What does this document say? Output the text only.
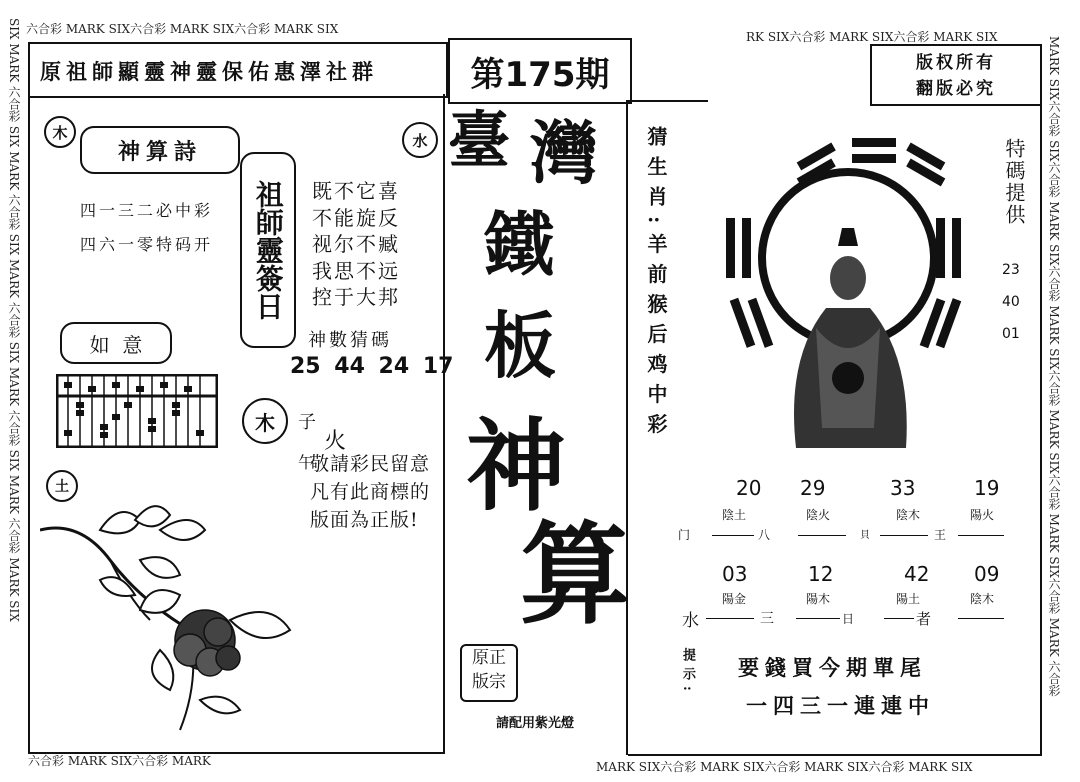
六合彩 MARK SIX六合彩 MARK SIX六合彩 MARK SIX
RK SIX六合彩 MARK SIX六合彩 MARK SIX
六合彩 MARK SIX六合彩 MARK	MARK SIX六合彩 MARK SIX六合彩 MARK SIX六合彩 MARK SIX
SIX MARK 六合彩 SIX MARK 六合彩 SIX MARK 六合彩 SIX MARK 六合彩 SIX MARK 六合彩 MARK SIX	MARK SIX六合彩 SIX六合彩 MARK SIX六合彩 MARK SIX六合彩 MARK SIX六合彩 MARK SIX六合彩 MARK 六合彩
原祖師顯靈神靈保佑惠澤社群
木	水
神算詩
四一三二必中彩
四六一零特码开	祖師靈簽日	既不它喜
不能旋反
视尔不臧
我思不远
控于大邦
神數猜碼
25 44 24 17
如  意
木	子
火
午
敬請彩民留意
凡有此商標的
版面為正版!
土
第175期
臺 灣
鐵
板
神
算
原正
版宗
請配用紫光燈
猜生肖:羊前猴后鸡中彩
版权所有
翻版必究
特碼提供
23
40
01
20 29	33	19
陰土	陰火	陰木	陽火
门	八	貝	王
03	12	42 09
陽金	陽木	陽土	陰木
水	三	日	者
提示: 要錢買今期單尾
一四三一連連中
